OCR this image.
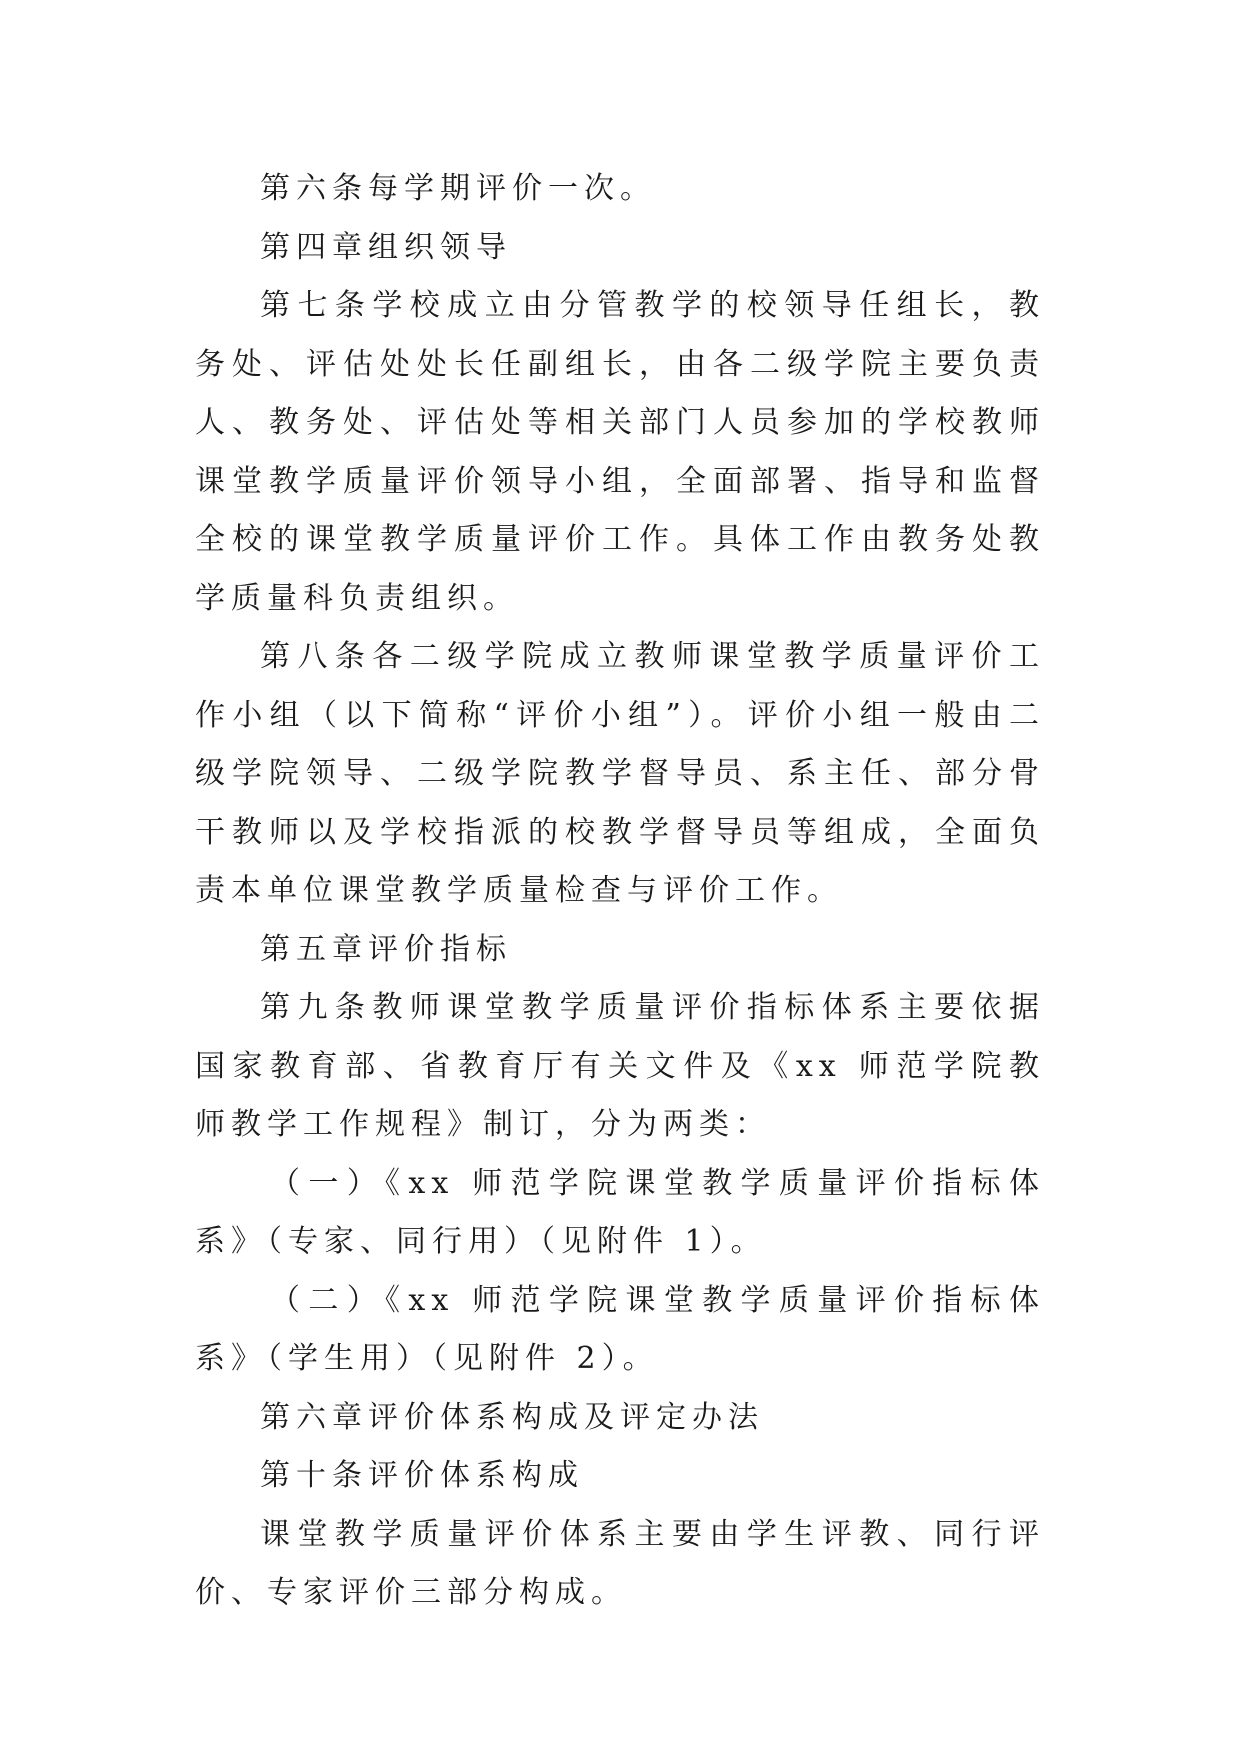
第六条每学期评价一次。

第四章组织领导

第七条学校成立由分管教学的校领导任组长，教务处、评估处处长任副组长，由各二级学院主要负责人、教务处、评估处等相关部门人员参加的学校教师课堂教学质量评价领导小组，全面部署、指导和监督全校的课堂教学质量评价工作。具体工作由教务处教学质量科负责组织。

第八条各二级学院成立教师课堂教学质量评价工作小组（以下简称“评价小组”）。评价小组一般由二级学院领导、二级学院教学督导员、系主任、部分骨干教师以及学校指派的校教学督导员等组成，全面负责本单位课堂教学质量检查与评价工作。

第五章评价指标

第九条教师课堂教学质量评价指标体系主要依据国家教育部、省教育厅有关文件及《xx 师范学院教师教学工作规程》制订，分为两类：

（一）《xx 师范学院课堂教学质量评价指标体系》（专家、同行用）（见附件 1）。

（二）《xx 师范学院课堂教学质量评价指标体系》（学生用）（见附件 2）。

第六章评价体系构成及评定办法

第十条评价体系构成

课堂教学质量评价体系主要由学生评教、同行评价、专家评价三部分构成。
